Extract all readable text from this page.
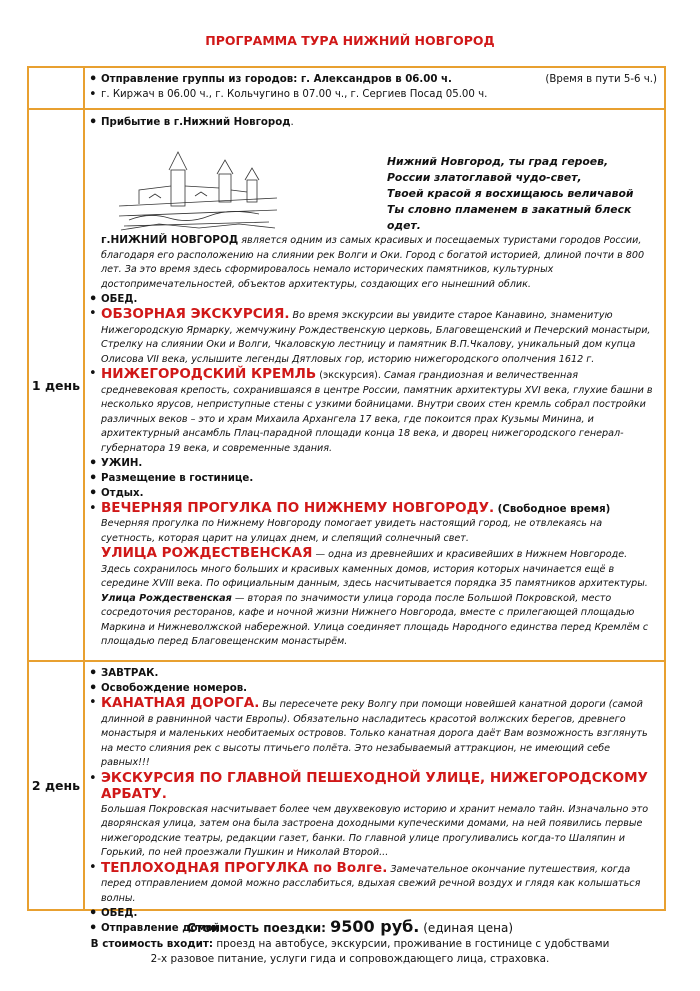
ПРОГРАММА ТУРА НИЖНИЙ НОВГОРОД
1 день
2 день
• Отправление группы из городов: г. Александров в 06.00 ч.	(Время в пути 5-6 ч.)
• г. Киржач в 06.00 ч., г. Кольчугино в 07.00 ч., г. Сергиев Посад 05.00 ч.
• Прибытие в г.Нижний Новгород.
Нижний Новгород, ты град героев,
России златоглавой чудо-свет,
Твоей красой я восхищаюсь величавой
Ты словно пламенем в закатный блеск одет.
г.НИЖНИЙ НОВГОРОД является одним из самых красивых и посещаемых туристами городов России, благодаря его расположению на слиянии рек Волги и Оки. Город с богатой историей, длиной почти в 800 лет. За это время здесь сформировалось немало исторических памятников, культурных достопримечательностей, объектов архитектуры, создающих его нынешний облик.
• ОБЕД.
• ОБЗОРНАЯ ЭКСКУРСИЯ. Во время экскурсии вы увидите старое Канавино, знаменитую Нижегородскую Ярмарку, жемчужину Рождественскую церковь, Благовещенский и Печерский монастыри, Стрелку на слиянии Оки и Волги, Чкаловскую лестницу и памятник В.П.Чкалову, уникальный дом купца Олисова VII века, услышите легенды Дятловых гор, историю нижегородского ополчения 1612 г.
• НИЖЕГОРОДСКИЙ КРЕМЛЬ (экскурсия). Самая грандиозная и величественная средневековая крепость, сохранившаяся в центре России, памятник архитектуры XVI века, глухие башни в несколько ярусов, неприступные стены с узкими бойницами. Внутри своих стен кремль собрал постройки различных веков – это и храм Михаила Архангела 17 века, где покоится прах Кузьмы Минина, и архитектурный ансамбль Плац-парадной площади конца 18 века, и дворец нижегородского генерал-губернатора 19 века, и современные здания.
• УЖИН.
• Размещение в гостинице.
• Отдых.
• ВЕЧЕРНЯЯ ПРОГУЛКА ПО НИЖНЕМУ НОВГОРОДУ. (Свободное время)
Вечерняя прогулка по Нижнему Новгороду помогает увидеть настоящий город, не отвлекаясь на суетность, которая царит на улицах днем, и слепящий солнечный свет.
УЛИЦА РОЖДЕСТВЕНСКАЯ — одна из древнейших и красивейших в Нижнем Новгороде. Здесь сохранилось много больших и красивых каменных домов, история которых начинается ещё в середине XVIII века. По официальным данным, здесь насчитывается порядка 35 памятников архитектуры. Улица Рождественская — вторая по значимости улица города после Большой Покровской, место сосредоточия ресторанов, кафе и ночной жизни Нижнего Новгорода, вместе с прилегающей площадью Маркина и Нижневолжской набережной. Улица соединяет площадь Народного единства перед Кремлём с площадью перед Благовещенским монастырём.
• ЗАВТРАК.
• Освобождение номеров.
• КАНАТНАЯ ДОРОГА. Вы пересечете реку Волгу при помощи новейшей канатной дороги (самой длинной в равнинной части Европы). Обязательно насладитесь красотой волжских берегов, древнего монастыря и маленьких необитаемых островов. Только канатная дорога даёт Вам возможность взглянуть на место слияния рек с высоты птичьего полёта. Это незабываемый аттракцион, не имеющий себе равных!!!
• ЭКСКУРСИЯ ПО ГЛАВНОЙ ПЕШЕХОДНОЙ УЛИЦЕ, НИЖЕГОРОДСКОМУ АРБАТУ.
Большая Покровская насчитывает более чем двухвековую историю и хранит немало тайн. Изначально это дворянская улица, затем она была застроена доходными купеческими домами, на ней появились первые нижегородские театры, редакции газет, банки. По главной улице прогуливались когда-то Шаляпин и Горький, по ней проезжали Пушкин и Николай Второй...
• ТЕПЛОХОДНАЯ ПРОГУЛКА по Волге. Замечательное окончание путешествия, когда перед отправлением домой можно расслабиться, вдыхая свежий речной воздух и глядя как колышаться волны.
• ОБЕД.
• Отправление домой.
Стоимость поездки: 9500 руб. (единая цена)
В стоимость входит: проезд на автобусе, экскурсии, проживание в гостинице с удобствами
2-х разовое питание, услуги гида и сопровождающего лица, страховка.
